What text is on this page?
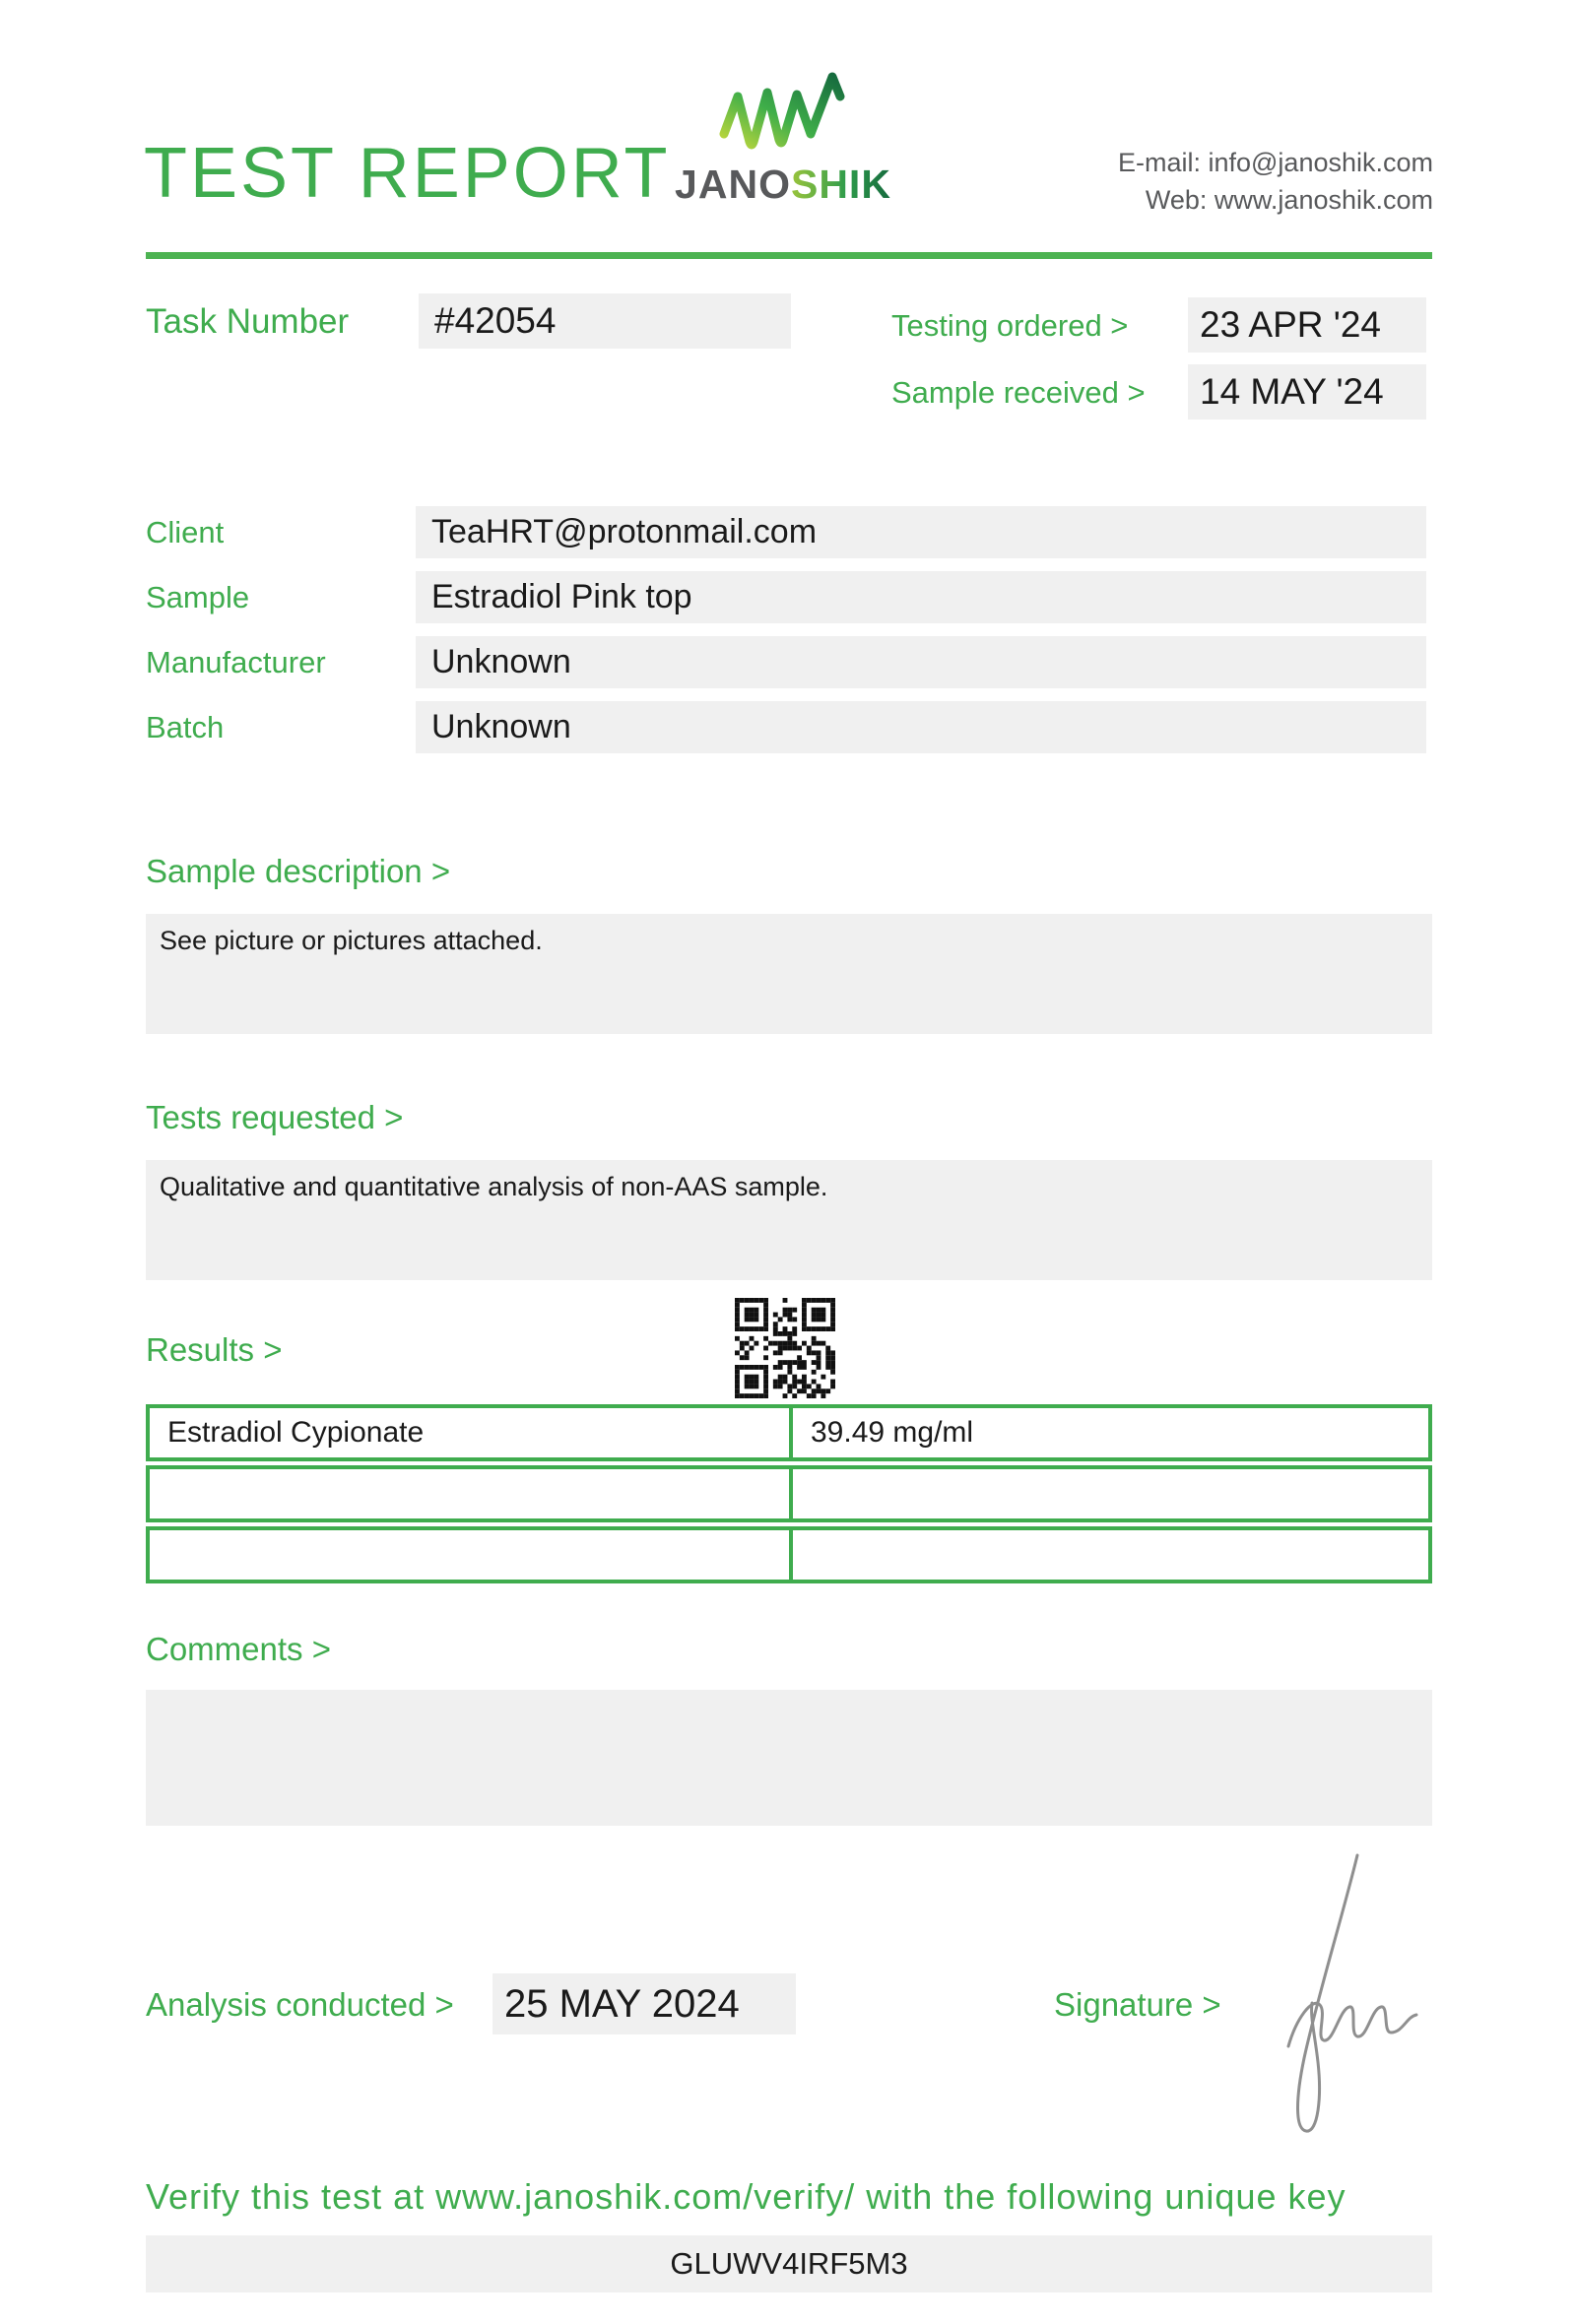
TEST REPORT JANOSHIK	E-mail: info@janoshik.com
Web: www.janoshik.com
Task Number	#42054	Testing ordered >	23 APR '24
Sample received >	14 MAY '24
Client	TeaHRT@protonmail.com
Sample	Estradiol Pink top
Manufacturer	Unknown
Batch	Unknown
Sample description >
See picture or pictures attached.
Tests requested >
Qualitative and quantitative analysis of non-AAS sample.
Results >
Estradiol Cypionate	39.49 mg/ml
Comments >
Analysis conducted >	25 MAY 2024	Signature >
Verify this test at www.janoshik.com/verify/ with the following unique key
GLUWV4IRF5M3
